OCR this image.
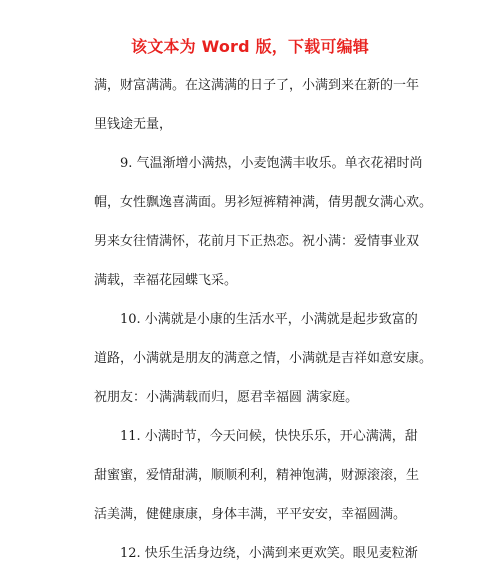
该文本为 Word 版，下载可编辑
满，财富满满。在这满满的日子了，小满到来在新的一年
里钱途无量，
9. 气温渐增小满热，小麦饱满丰收乐。单衣花裙时尚
帽，女性飘逸喜满面。男衫短裤精神满，倩男靓女满心欢。
男来女往情满怀，花前月下正热恋。祝小满：爱情事业双
满载，幸福花园蝶飞采。
10. 小满就是小康的生活水平，小满就是起步致富的
道路，小满就是朋友的满意之情，小满就是吉祥如意安康。
祝朋友：小满满载而归，愿君幸福圆 满家庭。
11. 小满时节，今天问候，快快乐乐，开心满满，甜
甜蜜蜜，爱情甜满，顺顺利利，精神饱满，财源滚滚，生
活美满，健健康康，身体丰满，平平安安，幸福圆满。
12. 快乐生活身边绕，小满到来更欢笑。眼见麦粒渐
